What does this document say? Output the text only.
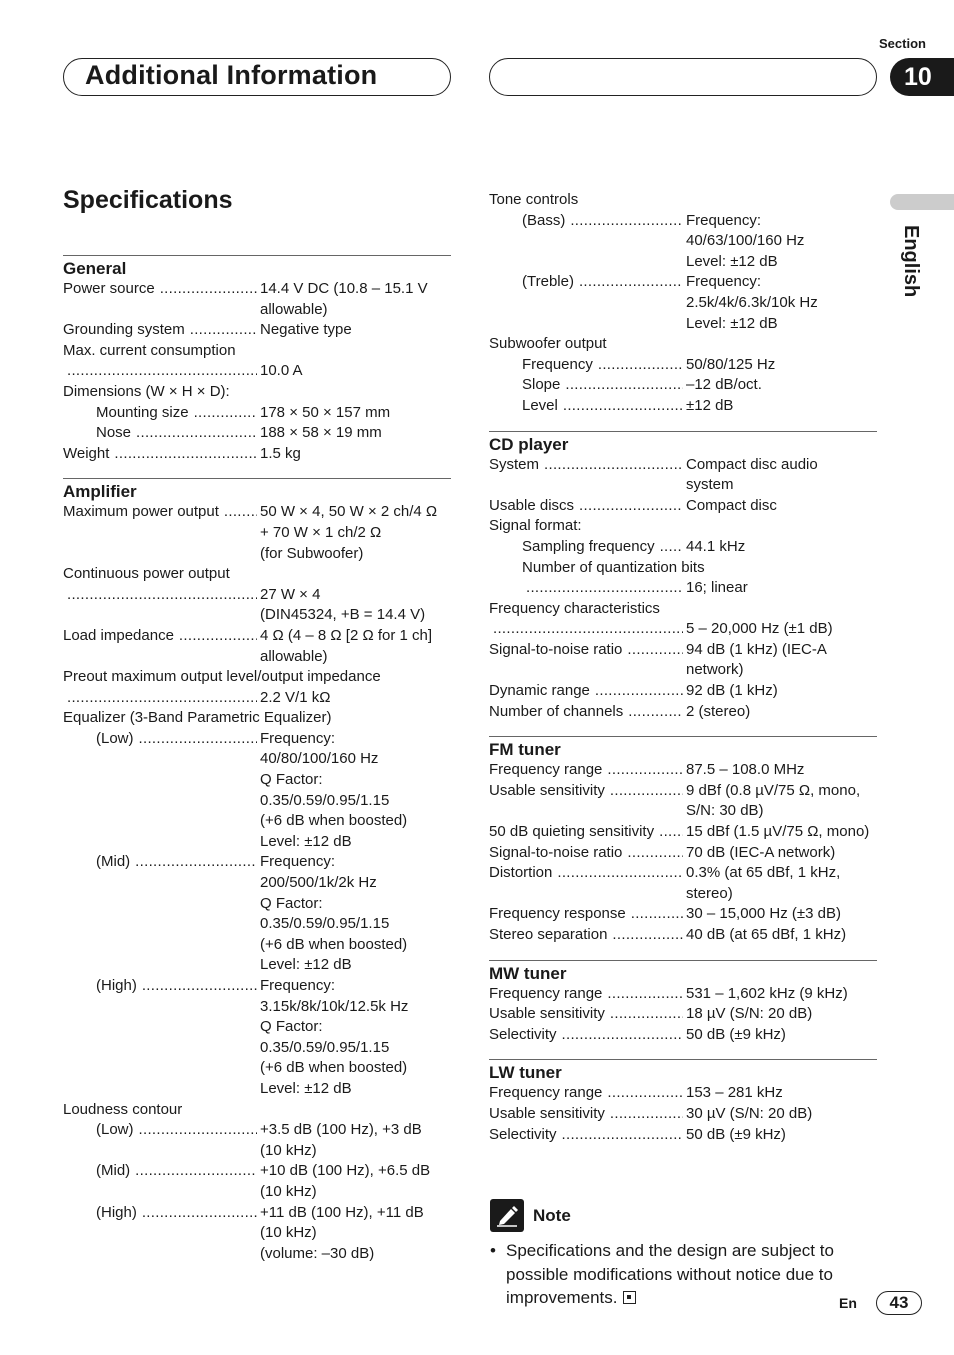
Additional Information
Section
10
English
Specifications
General
Power source .....	14.4 V DC (10.8 – 15.1 V
allowable)
Grounding system .....	Negative type
Max. current consumption
.....
10.0 A
Dimensions (W × H × D):
Mounting size .....	178 × 50 × 157 mm
Nose .....	188 × 58 × 19 mm
Weight .....	1.5 kg
Amplifier
Maximum power output .....	50 W × 4, 50 W × 2 ch/4 Ω
+ 70 W × 1 ch/2 Ω
(for Subwoofer)
Continuous power output
.....
27 W × 4
(DIN45324, +B = 14.4 V)
Load impedance .....	4 Ω (4 – 8 Ω [2 Ω for 1 ch]
allowable)
Preout maximum output level/output impedance
.....
2.2 V/1 kΩ
Equalizer (3-Band Parametric Equalizer)
(Low) .....	Frequency:
40/80/100/160 Hz
Q Factor:
0.35/0.59/0.95/1.15
(+6 dB when boosted)
Level: ±12 dB
(Mid) .....	Frequency:
200/500/1k/2k Hz
Q Factor:
0.35/0.59/0.95/1.15
(+6 dB when boosted)
Level: ±12 dB
(High) .....	Frequency:
3.15k/8k/10k/12.5k Hz
Q Factor:
0.35/0.59/0.95/1.15
(+6 dB when boosted)
Level: ±12 dB
Loudness contour
(Low) .....	+3.5 dB (100 Hz), +3 dB
(10 kHz)
(Mid) .....	+10 dB (100 Hz), +6.5 dB
(10 kHz)
(High) .....	+11 dB (100 Hz), +11 dB
(10 kHz)
(volume: –30 dB)
Tone controls
(Bass) .....	Frequency:
40/63/100/160 Hz
Level: ±12 dB
(Treble) .....	Frequency:
2.5k/4k/6.3k/10k Hz
Level: ±12 dB
Subwoofer output
Frequency .....	50/80/125 Hz
Slope .....	–12 dB/oct.
Level .....	±12 dB
CD player
System .....	Compact disc audio
system
Usable discs .....	Compact disc
Signal format:
Sampling frequency ..... 44.1 kHz
Number of quantization bits
.....
16; linear
Frequency characteristics
.....
5 – 20,000 Hz (±1 dB)
Signal-to-noise ratio .....	94 dB (1 kHz) (IEC-A
network)
Dynamic range .....	92 dB (1 kHz)
Number of channels .....	2 (stereo)
FM tuner
Frequency range .....	87.5 – 108.0 MHz
Usable sensitivity .....	9 dBf (0.8 µV/75 Ω, mono,
S/N: 30 dB)
50 dB quieting sensitivity ..... 15 dBf (1.5 µV/75 Ω, mono)
Signal-to-noise ratio .....	70 dB (IEC-A network)
Distortion .....	0.3% (at 65 dBf, 1 kHz,
stereo)
Frequency response .....	30 – 15,000 Hz (±3 dB)
Stereo separation .....	40 dB (at 65 dBf, 1 kHz)
MW tuner
Frequency range .....	531 – 1,602 kHz (9 kHz)
Usable sensitivity .....	18 µV (S/N: 20 dB)
Selectivity .....	50 dB (±9 kHz)
LW tuner
Frequency range .....	153 – 281 kHz
Usable sensitivity .....	30 µV (S/N: 20 dB)
Selectivity .....	50 dB (±9 kHz)
Note
• Specifications and the design are subject to possible modifications without notice due to improvements.	En	43
